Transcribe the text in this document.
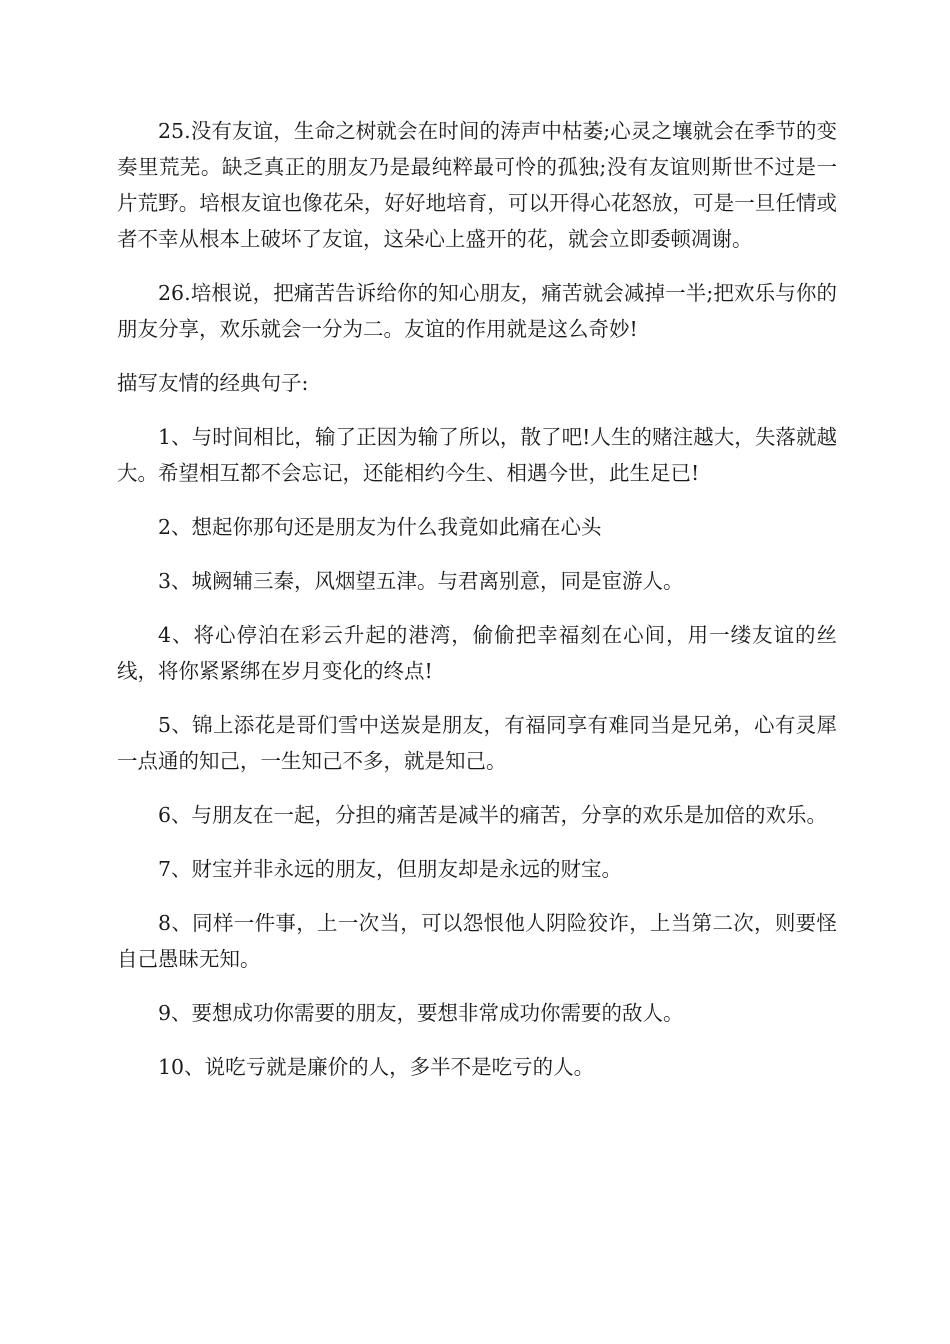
25.没有友谊，生命之树就会在时间的涛声中枯萎;心灵之壤就会在季节的变奏里荒芜。缺乏真正的朋友乃是最纯粹最可怜的孤独;没有友谊则斯世不过是一片荒野。培根友谊也像花朵，好好地培育，可以开得心花怒放，可是一旦任情或者不幸从根本上破坏了友谊，这朵心上盛开的花，就会立即委顿凋谢。

26.培根说，把痛苦告诉给你的知心朋友，痛苦就会减掉一半;把欢乐与你的朋友分享，欢乐就会一分为二。友谊的作用就是这么奇妙!

描写友情的经典句子:

1、与时间相比，输了正因为输了所以，散了吧!人生的赌注越大，失落就越大。希望相互都不会忘记，还能相约今生、相遇今世，此生足已!

2、想起你那句还是朋友为什么我竟如此痛在心头

3、城阙辅三秦，风烟望五津。与君离别意，同是宦游人。

4、将心停泊在彩云升起的港湾，偷偷把幸福刻在心间，用一缕友谊的丝线，将你紧紧绑在岁月变化的终点!

5、锦上添花是哥们雪中送炭是朋友，有福同享有难同当是兄弟，心有灵犀一点通的知己，一生知己不多，就是知己。

6、与朋友在一起，分担的痛苦是减半的痛苦，分享的欢乐是加倍的欢乐。

7、财宝并非永远的朋友，但朋友却是永远的财宝。

8、同样一件事，上一次当，可以怨恨他人阴险狡诈，上当第二次，则要怪自己愚昧无知。

9、要想成功你需要的朋友，要想非常成功你需要的敌人。

10、说吃亏就是廉价的人，多半不是吃亏的人。
